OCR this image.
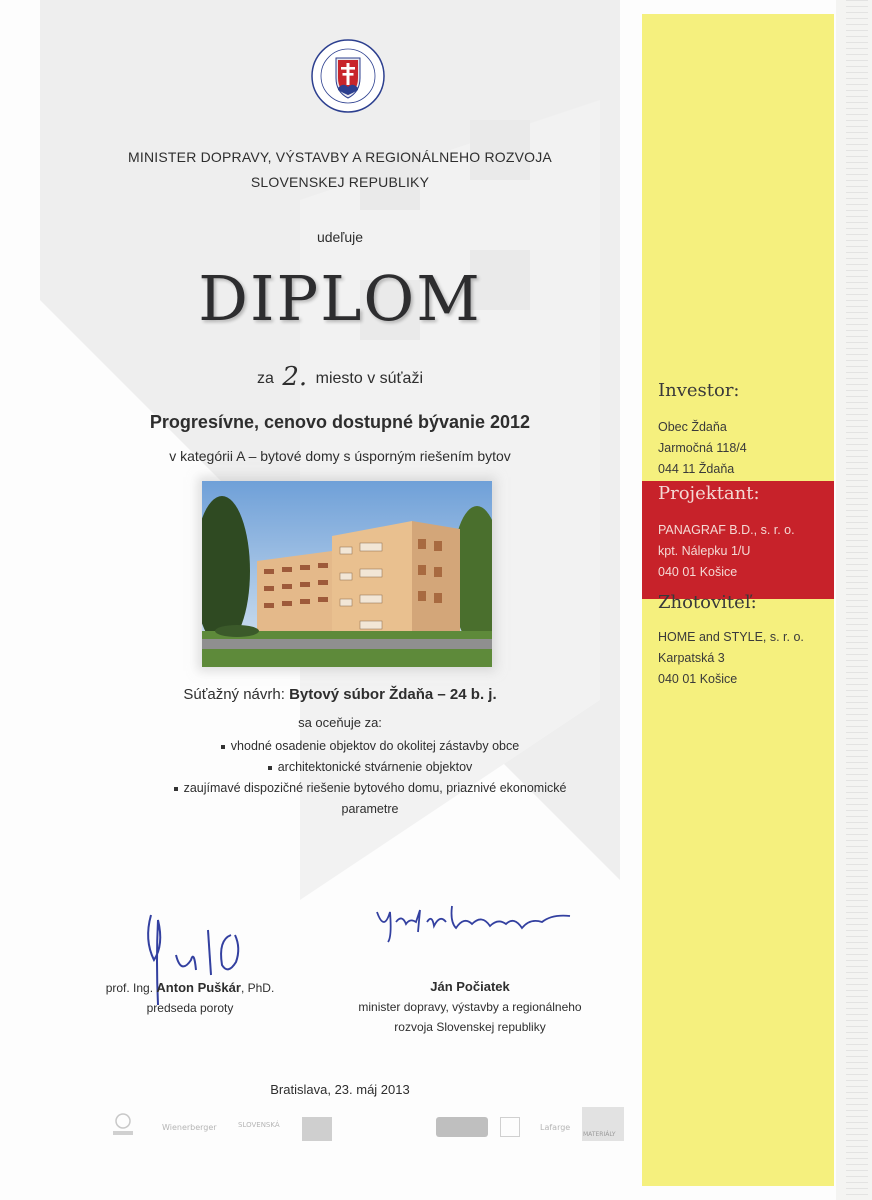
Investor:
Obec Ždaňa
Jarmočná 118/4
044 11 Ždaňa
Projektant:
PANAGRAF B.D., s. r. o.
kpt. Nálepku 1/U
040 01 Košice
Zhotoviteľ:
HOME and STYLE, s. r. o.
Karpatská 3
040 01 Košice
MINISTER DOPRAVY, VÝSTAVBY A REGIONÁLNEHO ROZVOJA
SLOVENSKEJ REPUBLIKY
udeľuje
DIPLOM
za 2. miesto v súťaži
Progresívne, cenovo dostupné bývanie 2012
v kategórii A – bytové domy s úsporným riešením bytov
Súťažný návrh: Bytový súbor Ždaňa – 24 b. j.
sa oceňuje za:
vhodné osadenie objektov do okolitej zástavby obce
architektonické stvárnenie objektov
zaujímavé dispozičné riešenie bytového domu, priaznivé ekonomické
parametre
prof. Ing. Anton Puškár, PhD.
predseda poroty
Ján Počiatek
minister dopravy, výstavby a regionálneho
rozvoja Slovenskej republiky
Bratislava, 23. máj 2013
Wienerberger	SLOVENSKÁ	Lafarge
MATERIÁLY
